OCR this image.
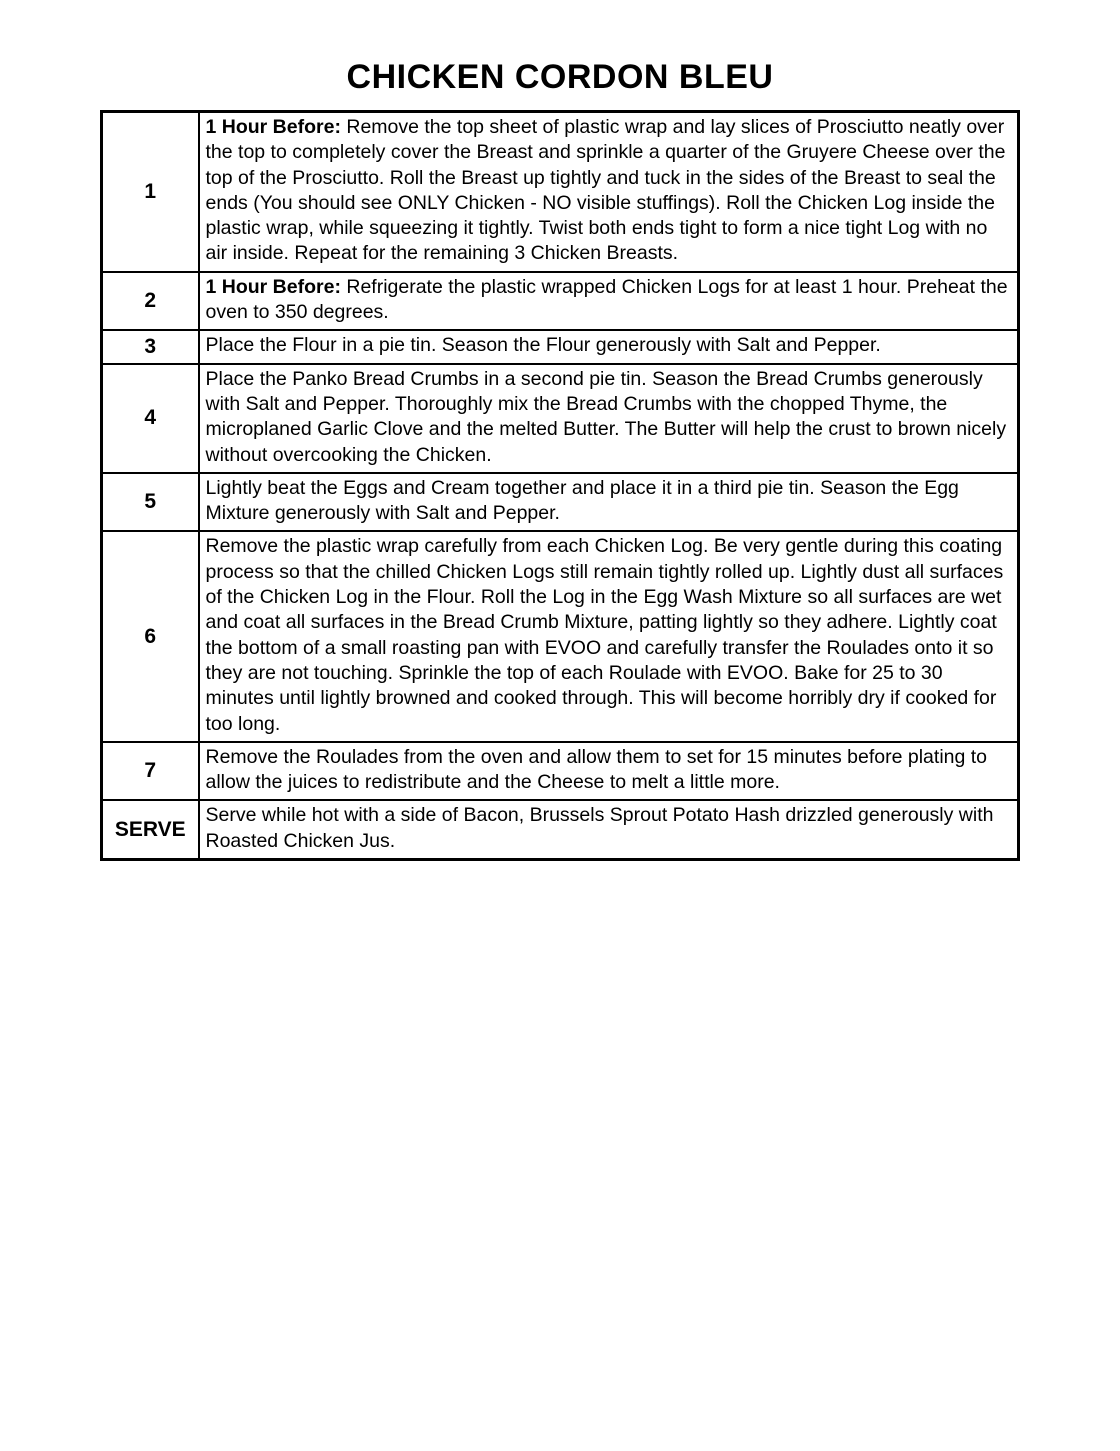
CHICKEN CORDON BLEU
1	1 Hour Before: Remove the top sheet of plastic wrap and lay slices of Prosciutto neatly over the top to completely cover the Breast and sprinkle a quarter of the Gruyere Cheese over the top of the Prosciutto. Roll the Breast up tightly and tuck in the sides of the Breast to seal the ends (You should see ONLY Chicken - NO visible stuffings). Roll the Chicken Log inside the plastic wrap, while squeezing it tightly. Twist both ends tight to form a nice tight Log with no air inside. Repeat for the remaining 3 Chicken Breasts.
2	1 Hour Before: Refrigerate the plastic wrapped Chicken Logs for at least 1 hour. Preheat the oven to 350 degrees.
3	Place the Flour in a pie tin. Season the Flour generously with Salt and Pepper.
4	Place the Panko Bread Crumbs in a second pie tin. Season the Bread Crumbs generously with Salt and Pepper. Thoroughly mix the Bread Crumbs with the chopped Thyme, the microplaned Garlic Clove and the melted Butter. The Butter will help the crust to brown nicely without overcooking the Chicken.
5	Lightly beat the Eggs and Cream together and place it in a third pie tin. Season the Egg Mixture generously with Salt and Pepper.
6	Remove the plastic wrap carefully from each Chicken Log. Be very gentle during this coating process so that the chilled Chicken Logs still remain tightly rolled up. Lightly dust all surfaces of the Chicken Log in the Flour. Roll the Log in the Egg Wash Mixture so all surfaces are wet and coat all surfaces in the Bread Crumb Mixture, patting lightly so they adhere. Lightly coat the bottom of a small roasting pan with EVOO and carefully transfer the Roulades onto it so they are not touching. Sprinkle the top of each Roulade with EVOO. Bake for 25 to 30 minutes until lightly browned and cooked through. This will become horribly dry if cooked for too long.
7	Remove the Roulades from the oven and allow them to set for 15 minutes before plating to allow the juices to redistribute and the Cheese to melt a little more.
SERVE	Serve while hot with a side of Bacon, Brussels Sprout Potato Hash drizzled generously with Roasted Chicken Jus.
